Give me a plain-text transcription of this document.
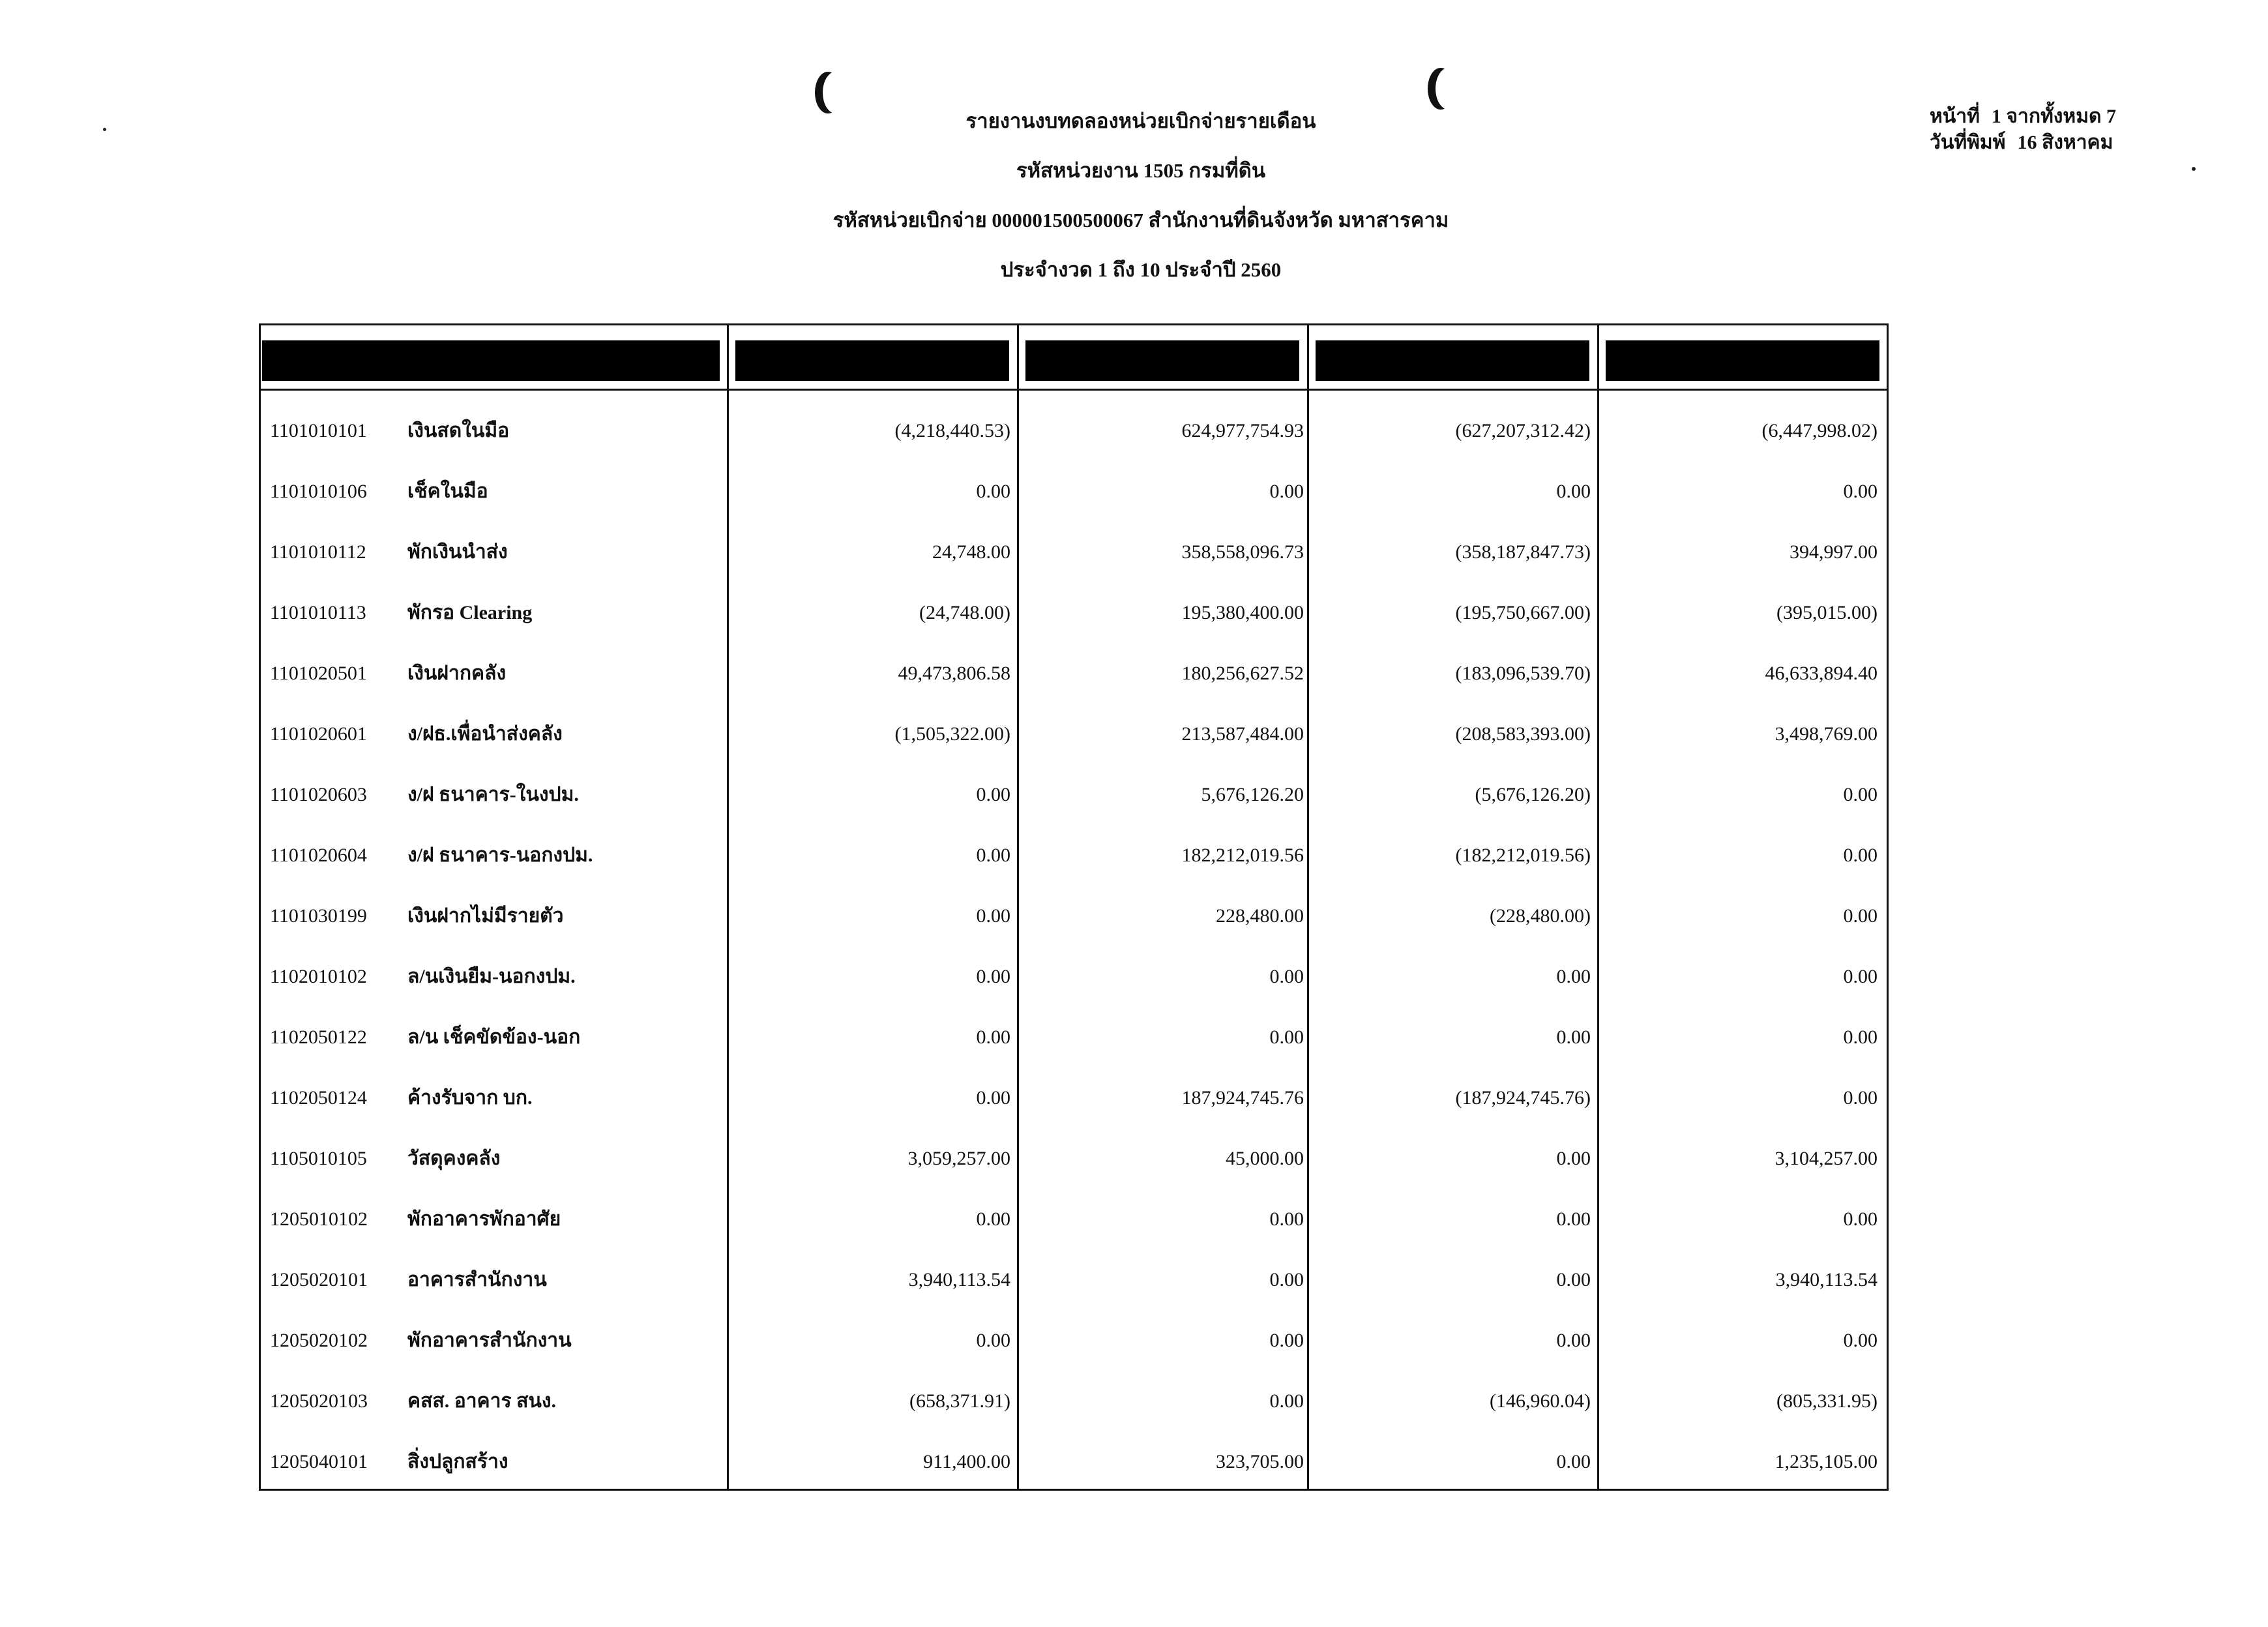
รายงานงบทดลองหน่วยเบิกจ่ายรายเดือน
รหัสหน่วยงาน 1505 กรมที่ดิน
รหัสหน่วยเบิกจ่าย 000001500500067 สำนักงานที่ดินจังหวัด มหาสารคาม
ประจำงวด 1 ถึง 10 ประจำปี 2560
หน้าที่ 1 จากทั้งหมด 7
วันที่พิมพ์ 16 สิงหาคม
1101010101	เงินสดในมือ	(4,218,440.53)	624,977,754.93	(627,207,312.42)	(6,447,998.02)
1101010106	เช็คในมือ	0.00	0.00	0.00	0.00
1101010112	พักเงินนำส่ง	24,748.00	358,558,096.73	(358,187,847.73)	394,997.00
1101010113	พักรอ Clearing	(24,748.00)	195,380,400.00	(195,750,667.00)	(395,015.00)
1101020501	เงินฝากคลัง	49,473,806.58	180,256,627.52	(183,096,539.70)	46,633,894.40
1101020601	ง/ฝธ.เพื่อนำส่งคลัง	(1,505,322.00)	213,587,484.00	(208,583,393.00)	3,498,769.00
1101020603	ง/ฝ ธนาคาร-ในงปม.	0.00	5,676,126.20	(5,676,126.20)	0.00
1101020604	ง/ฝ ธนาคาร-นอกงปม.	0.00	182,212,019.56	(182,212,019.56)	0.00
1101030199	เงินฝากไม่มีรายตัว	0.00	228,480.00	(228,480.00)	0.00
1102010102	ล/นเงินยืม-นอกงปม.	0.00	0.00	0.00	0.00
1102050122	ล/น เช็คขัดข้อง-นอก	0.00	0.00	0.00	0.00
1102050124	ค้างรับจาก บก.	0.00	187,924,745.76	(187,924,745.76)	0.00
1105010105	วัสดุคงคลัง	3,059,257.00	45,000.00	0.00	3,104,257.00
1205010102	พักอาคารพักอาศัย	0.00	0.00	0.00	0.00
1205020101	อาคารสำนักงาน	3,940,113.54	0.00	0.00	3,940,113.54
1205020102	พักอาคารสำนักงาน	0.00	0.00	0.00	0.00
1205020103	คสส. อาคาร สนง.	(658,371.91)	0.00	(146,960.04)	(805,331.95)
1205040101	สิ่งปลูกสร้าง	911,400.00	323,705.00	0.00	1,235,105.00
